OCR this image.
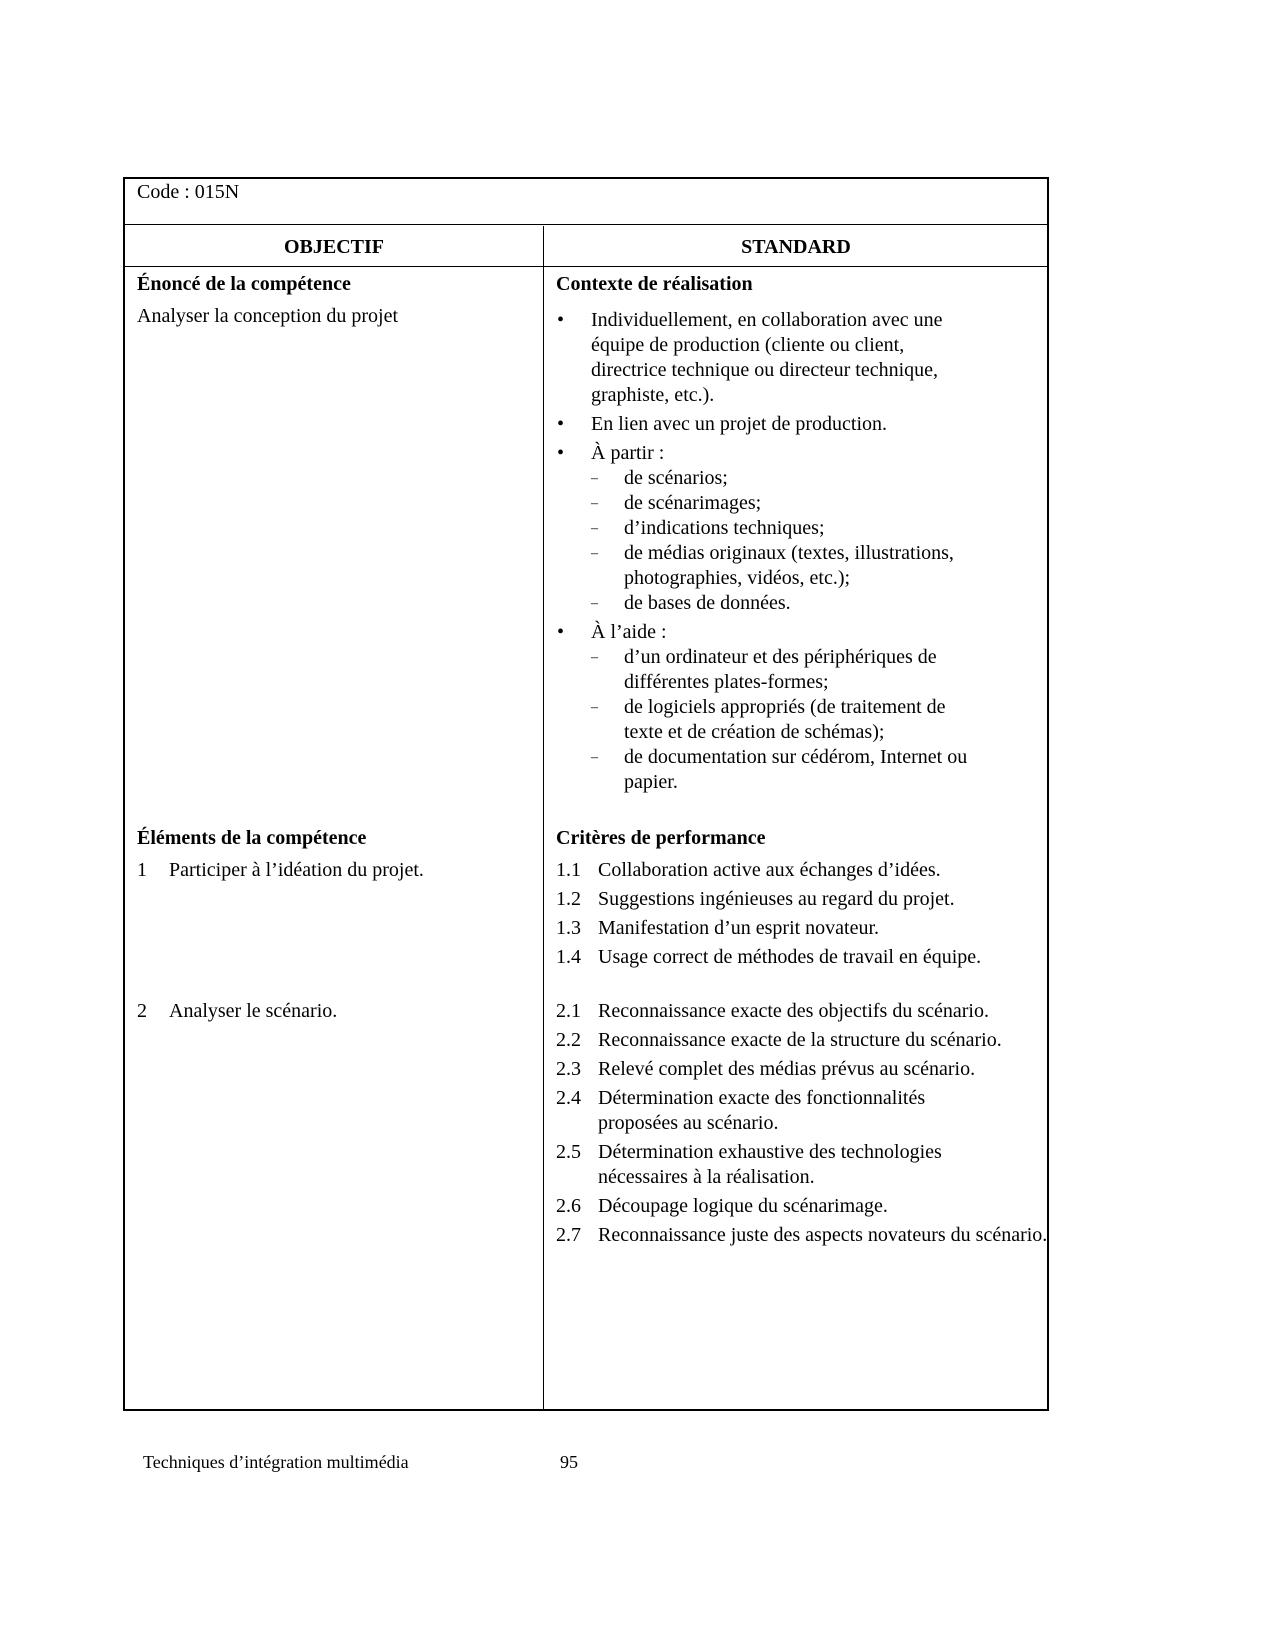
Code : 015N
OBJECTIF	STANDARD
Énoncé de la compétence
Analyser la conception du projet
Éléments de la compétence
1 Participer à l’idéation du projet.
2 Analyser le scénario.
Contexte de réalisation
• Individuellement, en collaboration avec une équipe de production (cliente ou client, directrice technique ou directeur technique, graphiste, etc.).
• En lien avec un projet de production.
• À partir :
– de scénarios;
– de scénarimages;
– d’indications techniques;
– de médias originaux (textes, illustrations, photographies, vidéos, etc.);
– de bases de données.
• À l’aide :
– d’un ordinateur et des périphériques de différentes plates-formes;
– de logiciels appropriés (de traitement de texte et de création de schémas);
– de documentation sur cédérom, Internet ou papier.
Critères de performance
1.1 Collaboration active aux échanges d’idées.
1.2 Suggestions ingénieuses au regard du projet.
1.3 Manifestation d’un esprit novateur.
1.4 Usage correct de méthodes de travail en équipe.
2.1 Reconnaissance exacte des objectifs du scénario.
2.2 Reconnaissance exacte de la structure du scénario.
2.3 Relevé complet des médias prévus au scénario.
2.4 Détermination exacte des fonctionnalités proposées au scénario.
2.5 Détermination exhaustive des technologies nécessaires à la réalisation.
2.6 Découpage logique du scénarimage.
2.7 Reconnaissance juste des aspects novateurs du scénario.
Techniques d’intégration multimédia	95
